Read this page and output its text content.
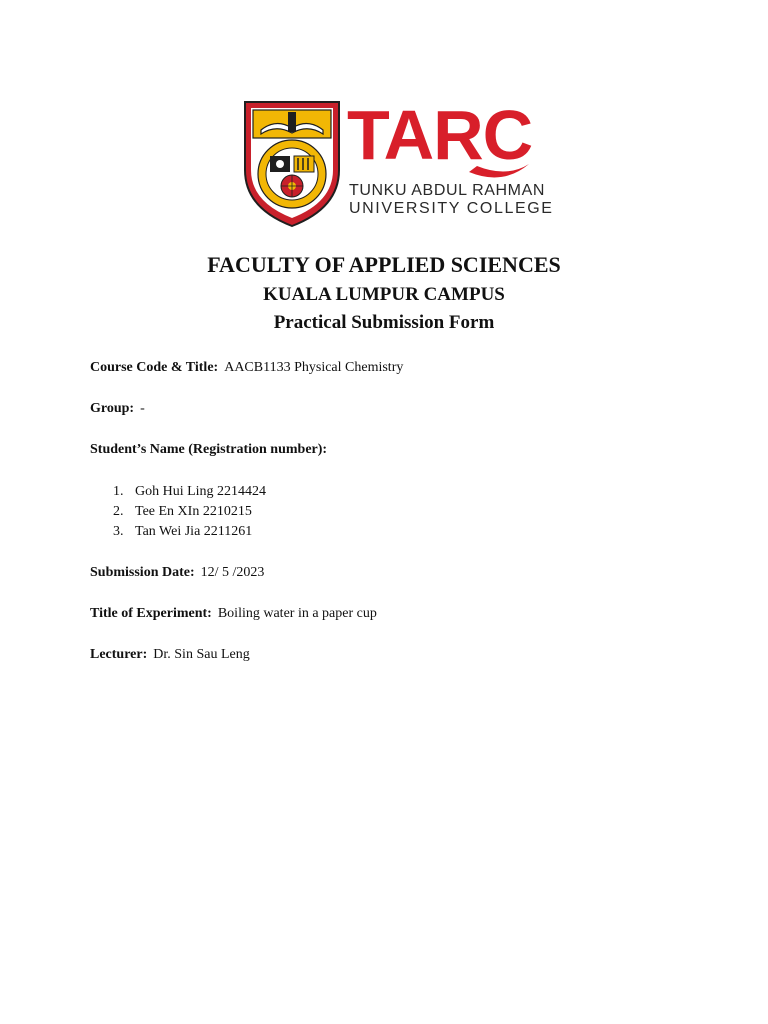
TARC
TUNKU ABDUL RAHMAN
UNIVERSITY COLLEGE
FACULTY OF APPLIED SCIENCES
KUALA LUMPUR CAMPUS
Practical Submission Form
Course Code & Title: AACB1133 Physical Chemistry
Group: -
Student’s Name (Registration number):
1. Goh Hui Ling 2214424
2. Tee En XIn 2210215
3. Tan Wei Jia 2211261
Submission Date: 12/ 5 /2023
Title of Experiment: Boiling water in a paper cup
Lecturer: Dr. Sin Sau Leng
